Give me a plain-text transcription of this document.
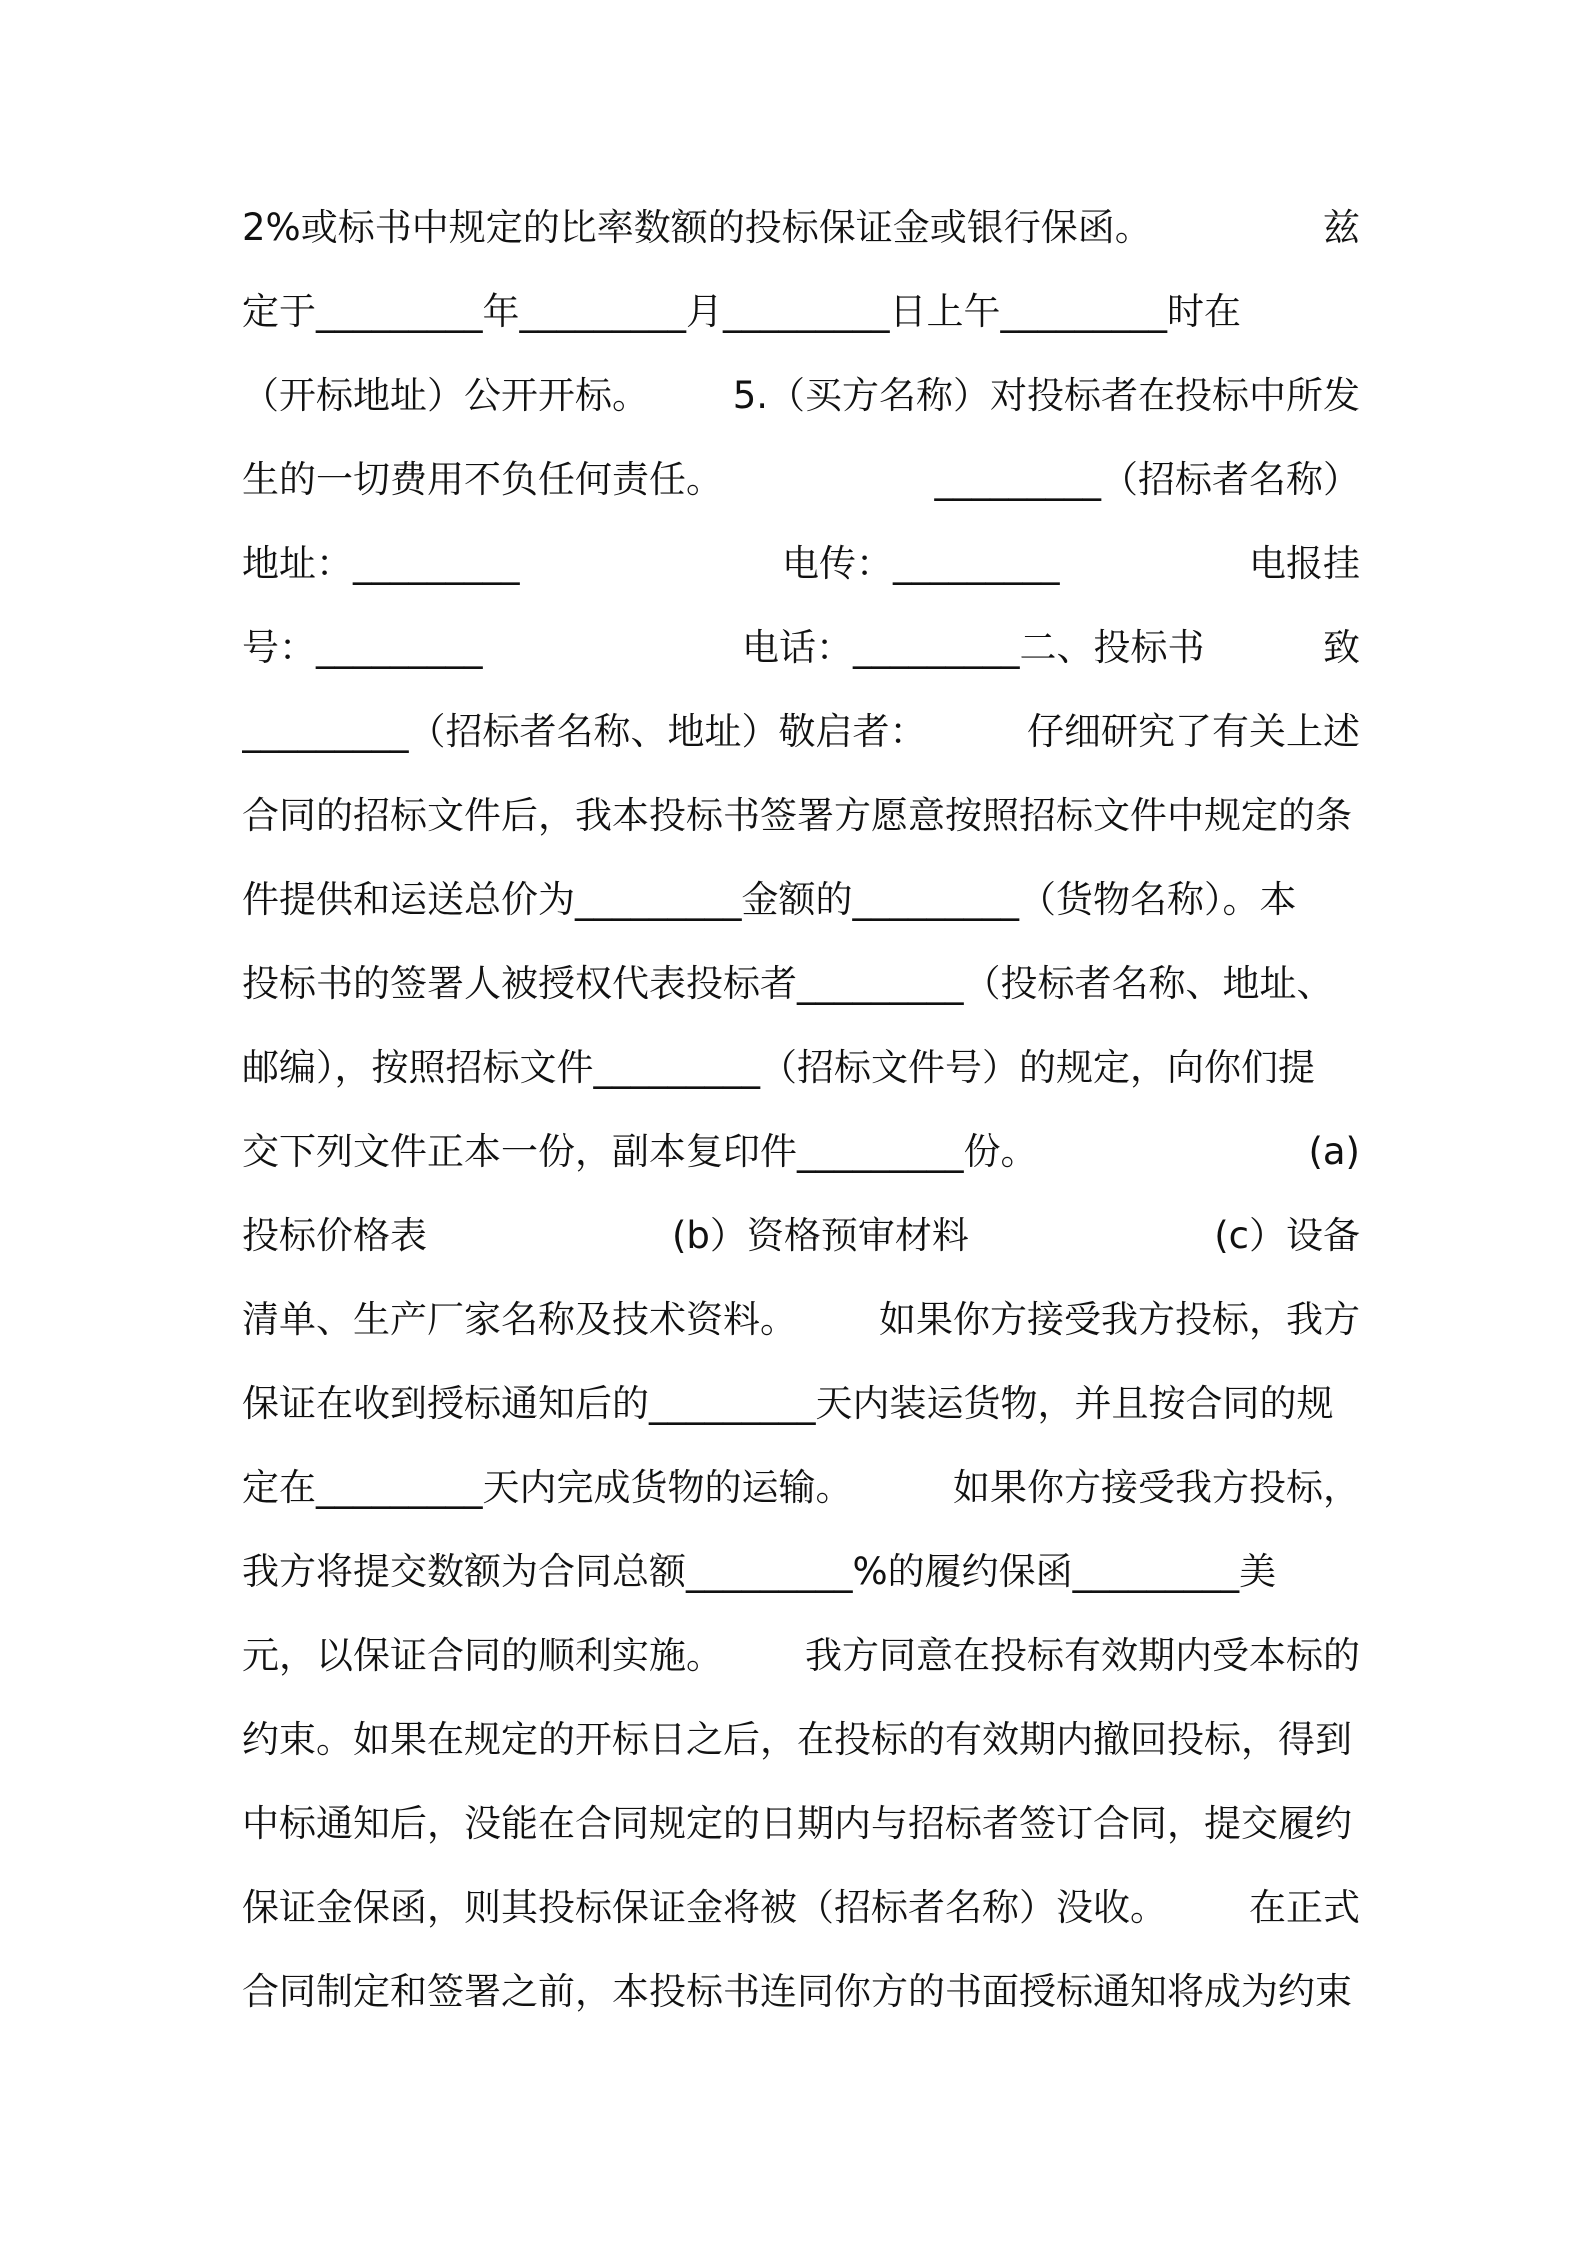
2%或标书中规定的比率数额的投标保证金或银行保函。

	兹

定于_________年_________月_________日上午_________时在

（开标地址）公开开标。

5.（买方名称）对投标者在投标中所发

生的一切费用不负任何责任。

	_________（招标者名称）

地址：_________

	电传：_________

	电报挂

号：_________

	电话：_________二、投标书

	致

_________（招标者名称、地址）敬启者：

	仔细研究了有关上述

合同的招标文件后，我本投标书签署方愿意按照招标文件中规定的条

件提供和运送总价为_________金额的_________（货物名称）。本

投标书的签署人被授权代表投标者_________（投标者名称、地址、

邮编），按照招标文件_________（招标文件号）的规定，向你们提

交下列文件正本一份，副本复印件_________份。

	(a)

投标价格表

	(b）资格预审材料

	(c）设备

清单、生产厂家名称及技术资料。

如果你方接受我方投标，我方

保证在收到授标通知后的_________天内装运货物，并且按合同的规

定在_________天内完成货物的运输。

	如果你方接受我方投标，

我方将提交数额为合同总额_________%的履约保函_________美

元，以保证合同的顺利实施。

我方同意在投标有效期内受本标的

约束。如果在规定的开标日之后，在投标的有效期内撤回投标，得到

中标通知后，没能在合同规定的日期内与招标者签订合同，提交履约

保证金保函，则其投标保证金将被（招标者名称）没收。

在正式

合同制定和签署之前，本投标书连同你方的书面授标通知将成为约束
